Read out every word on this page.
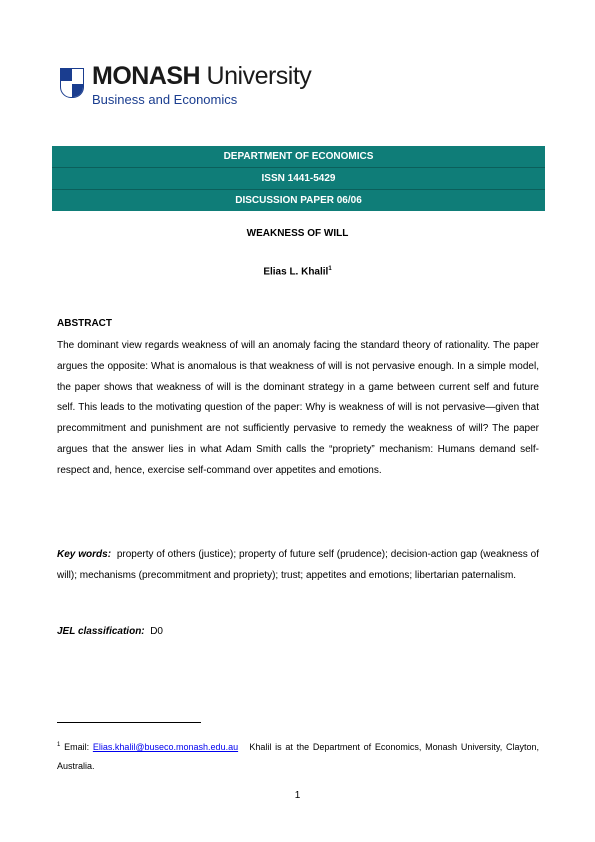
MONASH University
Business and Economics
DEPARTMENT OF ECONOMICS
ISSN 1441-5429
DISCUSSION PAPER 06/06
WEAKNESS OF WILL
Elias L. Khalil$^1$
ABSTRACT
The dominant view regards weakness of will an anomaly facing the standard theory of rationality. The paper argues the opposite: What is anomalous is that weakness of will is not pervasive enough. In a simple model, the paper shows that weakness of will is the dominant strategy in a game between current self and future self. This leads to the motivating question of the paper: Why is weakness of will is not pervasive—given that precommitment and punishment are not sufficiently pervasive to remedy the weakness of will? The paper argues that the answer lies in what Adam Smith calls the “propriety” mechanism: Humans demand self-respect and, hence, exercise self-command over appetites and emotions.
Key words: property of others (justice); property of future self (prudence); decision-action gap (weakness of will); mechanisms (precommitment and propriety); trust; appetites and emotions; libertarian paternalism.
JEL classification: D0
$^1$ Email: Elias.khalil@buseco.monash.edu.au Khalil is at the Department of Economics, Monash University, Clayton, Australia.
1
